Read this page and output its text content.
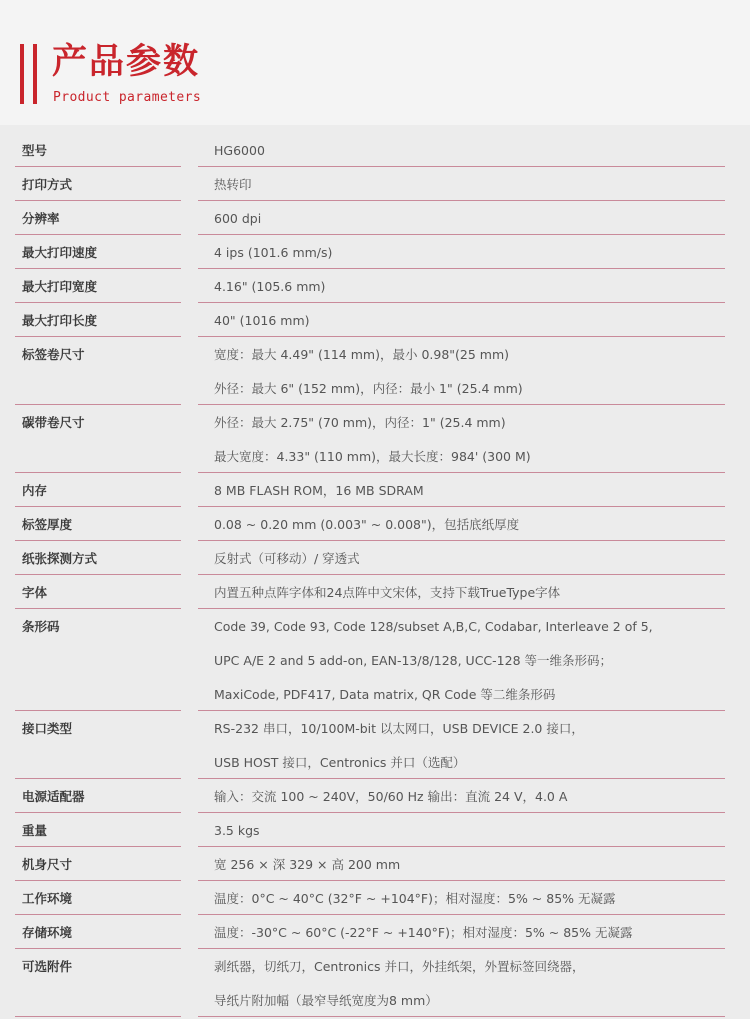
产品参数
Product parameters
型号	HG6000
打印方式	热转印
分辨率	600 dpi
最大打印速度	4 ips (101.6 mm/s)
最大打印宽度	4.16" (105.6 mm)
最大打印长度	40" (1016 mm)
标签卷尺寸	宽度：最大 4.49" (114 mm)，最小 0.98"(25 mm)
外径：最大 6" (152 mm)，内径：最小 1" (25.4 mm)
碳带卷尺寸	外径：最大 2.75" (70 mm)，内径：1" (25.4 mm)
最大宽度：4.33" (110 mm)，最大长度：984' (300 M)
内存	8 MB FLASH ROM，16 MB SDRAM
标签厚度	0.08 ~ 0.20 mm (0.003" ~ 0.008")，包括底纸厚度
纸张探测方式	反射式（可移动）/ 穿透式
字体	内置五种点阵字体和24点阵中文宋体，支持下载TrueType字体
条形码	Code 39, Code 93, Code 128/subset A,B,C, Codabar, Interleave 2 of 5,
UPC A/E 2 and 5 add-on, EAN-13/8/128, UCC-128 等一维条形码；
MaxiCode, PDF417, Data matrix, QR Code 等二维条形码
接口类型	RS-232 串口，10/100M-bit 以太网口，USB DEVICE 2.0 接口，
USB HOST 接口，Centronics 并口（选配）
电源适配器	输入：交流 100 ~ 240V，50/60 Hz 输出：直流 24 V，4.0 A
重量	3.5 kgs
机身尺寸	宽 256 × 深 329 × 高 200 mm
工作环境	温度：0°C ~ 40°C (32°F ~ +104°F)；相对湿度：5% ~ 85% 无凝露
存储环境	温度：-30°C ~ 60°C (-22°F ~ +140°F)；相对湿度：5% ~ 85% 无凝露
可选附件	剥纸器，切纸刀，Centronics 并口，外挂纸架，外置标签回绕器，
导纸片附加幅（最窄导纸宽度为8 mm）
